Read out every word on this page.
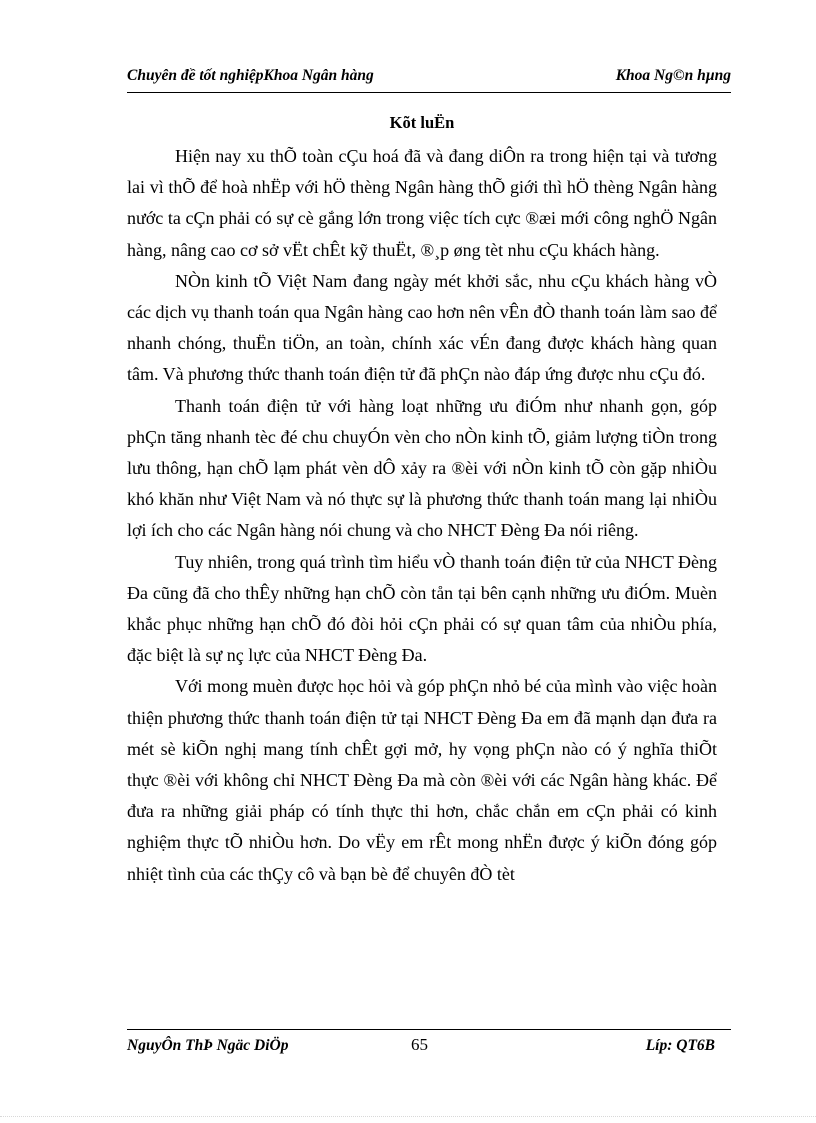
Chuyên đề tốt nghiệpKhoa Ngân hàng	Khoa Ng©n hµng
Kõt luËn

Hiện nay xu thÕ toàn cÇu hoá đã và đang diÔn ra trong hiện tại và tương lai vì thÕ để hoà nhËp với hÖ thèng Ngân hàng thÕ giới thì hÖ thèng Ngân hàng nước ta cÇn phải có sự cè gắng lớn trong việc tích cực ®æi mới công nghÖ Ngân hàng, nâng cao cơ sở vËt chÊt kỹ thuËt, ®¸p øng tèt nhu cÇu khách hàng.

NÒn kinh tÕ Việt Nam đang ngày mét khởi sắc, nhu cÇu khách hàng vÒ các dịch vụ thanh toán qua Ngân hàng cao hơn nên vÊn đÒ thanh toán làm sao để nhanh chóng, thuËn tiÖn, an toàn, chính xác vÉn đang được khách hàng quan tâm. Và phương thức thanh toán điện tử đã phÇn nào đáp ứng được nhu cÇu đó.

Thanh toán điện tử với hàng loạt những ưu điÓm như nhanh gọn, góp phÇn tăng nhanh tèc đé chu chuyÓn vèn cho nÒn kinh tÕ, giảm lượng tiÒn trong lưu thông, hạn chÕ lạm phát vèn dÔ xảy ra ®èi với nÒn kinh tÕ còn gặp nhiÒu khó khăn như Việt Nam và nó thực sự là phương thức thanh toán mang lại nhiÒu lợi ích cho các Ngân hàng nói chung và cho NHCT Đèng Đa nói riêng.

Tuy nhiên, trong quá trình tìm hiểu vÒ thanh toán điện tử của NHCT Đèng Đa cũng đã cho thÊy những hạn chÕ còn tån tại bên cạnh những ưu điÓm. Muèn khắc phục những hạn chÕ đó đòi hỏi cÇn phải có sự quan tâm của nhiÒu phía, đặc biệt là sự nç lực của NHCT Đèng Đa.

Với mong muèn được học hỏi và góp phÇn nhỏ bé của mình vào việc hoàn thiện phương thức thanh toán điện tử tại NHCT Đèng Đa em đã mạnh dạn đưa ra mét sè kiÕn nghị mang tính chÊt gợi mở, hy vọng phÇn nào có ý nghĩa thiÕt thực ®èi với không chỉ NHCT Đèng Đa mà còn ®èi với các Ngân hàng khác. Để đưa ra những giải pháp có tính thực thi hơn, chắc chắn em cÇn phải có kinh nghiệm thực tÕ nhiÒu hơn. Do vËy em rÊt mong nhËn được ý kiÕn đóng góp nhiệt tình của các thÇy cô và bạn bè để chuyên đÒ tèt

NguyÔn ThÞ Ngäc DiÖp	65	Líp: QT6B
